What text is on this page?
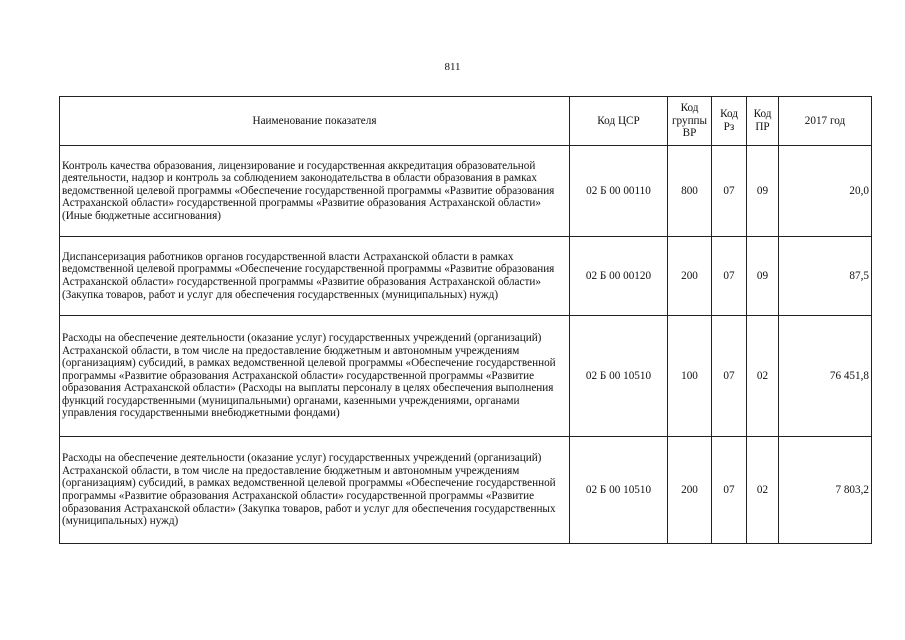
811
Наименование показателя	Код ЦСР	Код группы ВР	Код Рз	Код ПР	2017 год
Контроль качества образования, лицензирование и государственная аккредитация образовательной деятельности, надзор и контроль за соблюдением законодательства в области образования в рамках ведомственной целевой программы «Обеспечение государственной программы «Развитие образования Астраханской области» государственной программы «Развитие образования Астраханской области» (Иные бюджетные ассигнования)	02 Б 00 00110	800	07	09	20,0
Диспансеризация работников органов государственной власти Астраханской области в рамках ведомственной целевой программы «Обеспечение государственной программы «Развитие образования Астраханской области» государственной программы «Развитие образования Астраханской области» (Закупка товаров, работ и услуг для обеспечения государственных (муниципальных) нужд)	02 Б 00 00120	200	07	09	87,5
Расходы на обеспечение деятельности (оказание услуг) государственных учреждений (организаций) Астраханской области, в том числе на предоставление бюджетным и автономным учреждениям (организациям) субсидий, в рамках ведомственной целевой программы «Обеспечение государственной программы «Развитие образования Астраханской области» государственной программы «Развитие образования Астраханской области» (Расходы на выплаты персоналу в целях обеспечения выполнения функций государственными (муниципальными) органами, казенными учреждениями, органами управления государственными внебюджетными фондами)	02 Б 00 10510	100	07	02	76 451,8
Расходы на обеспечение деятельности (оказание услуг) государственных учреждений (организаций) Астраханской области, в том числе на предоставление бюджетным и автономным учреждениям (организациям) субсидий, в рамках ведомственной целевой программы «Обеспечение государственной программы «Развитие образования Астраханской области» государственной программы «Развитие образования Астраханской области» (Закупка товаров, работ и услуг для обеспечения государственных (муниципальных) нужд)	02 Б 00 10510	200	07	02	7 803,2
